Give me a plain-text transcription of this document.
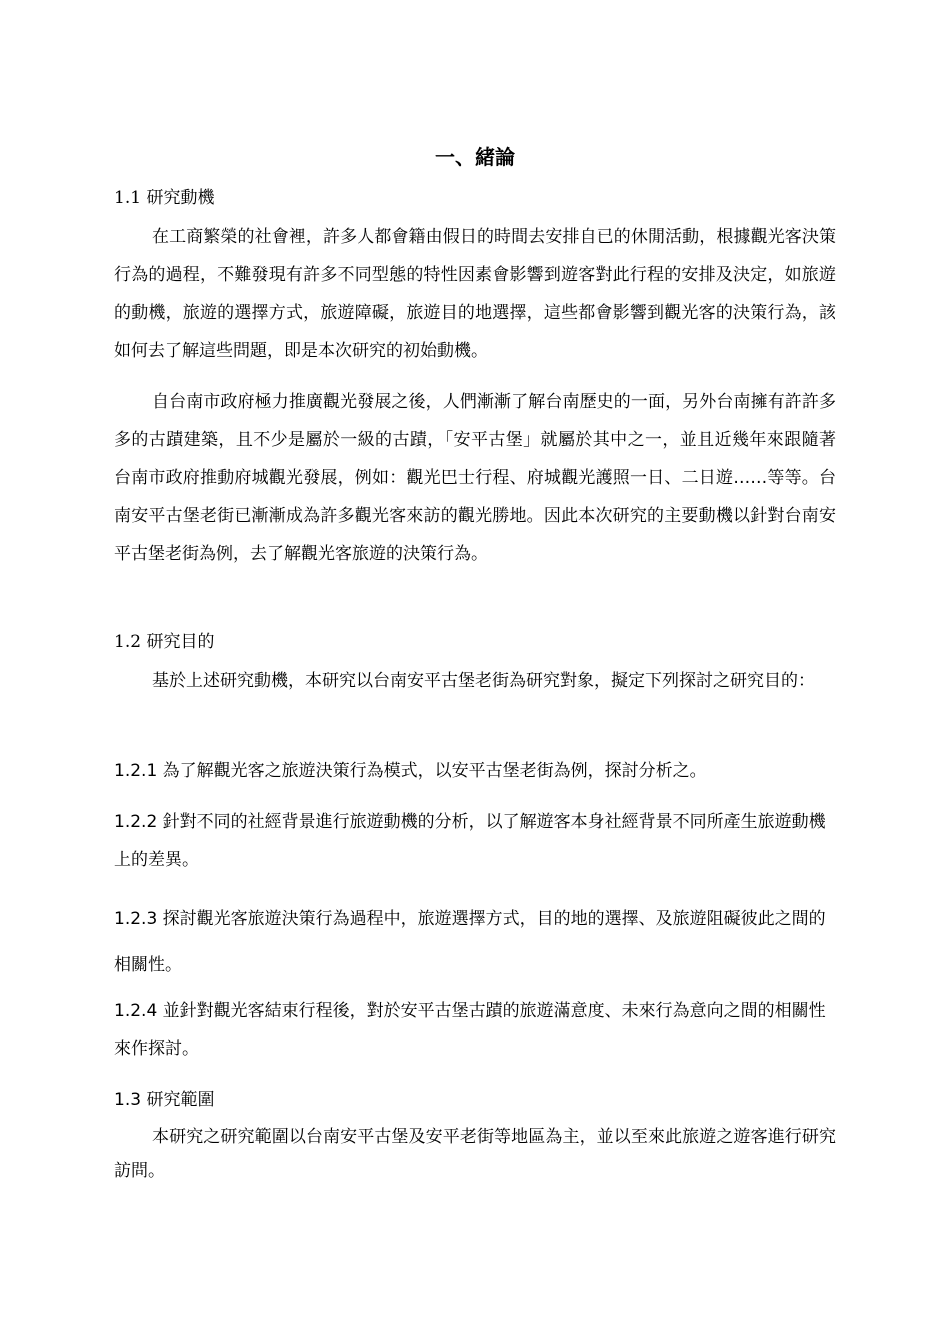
一、緒論
1.1 研究動機
在工商繁榮的社會裡，許多人都會籍由假日的時間去安排自已的休閒活動，根據觀光客決策行為的過程，不難發現有許多不同型態的特性因素會影響到遊客對此行程的安排及決定，如旅遊的動機，旅遊的選擇方式，旅遊障礙，旅遊目的地選擇，這些都會影響到觀光客的決策行為，該如何去了解這些問題，即是本次研究的初始動機。
自台南市政府極力推廣觀光發展之後，人們漸漸了解台南歷史的一面，另外台南擁有許許多多的古蹟建築，且不少是屬於一級的古蹟，「安平古堡」就屬於其中之一，並且近幾年來跟隨著台南市政府推動府城觀光發展，例如：觀光巴士行程、府城觀光護照一日、二日遊……等等。台南安平古堡老街已漸漸成為許多觀光客來訪的觀光勝地。因此本次研究的主要動機以針對台南安平古堡老街為例，去了解觀光客旅遊的決策行為。
1.2 研究目的
基於上述研究動機，本研究以台南安平古堡老街為研究對象，擬定下列探討之研究目的：
1.2.1 為了解觀光客之旅遊決策行為模式，以安平古堡老街為例，探討分析之。
1.2.2 針對不同的社經背景進行旅遊動機的分析，以了解遊客本身社經背景不同所產生旅遊動機上的差異。
1.2.3 探討觀光客旅遊決策行為過程中，旅遊選擇方式，目的地的選擇、及旅遊阻礙彼此之間的相關性。
1.2.4 並針對觀光客結束行程後，對於安平古堡古蹟的旅遊滿意度、未來行為意向之間的相關性來作探討。
1.3 研究範圍
本研究之研究範圍以台南安平古堡及安平老街等地區為主，並以至來此旅遊之遊客進行研究訪問。
